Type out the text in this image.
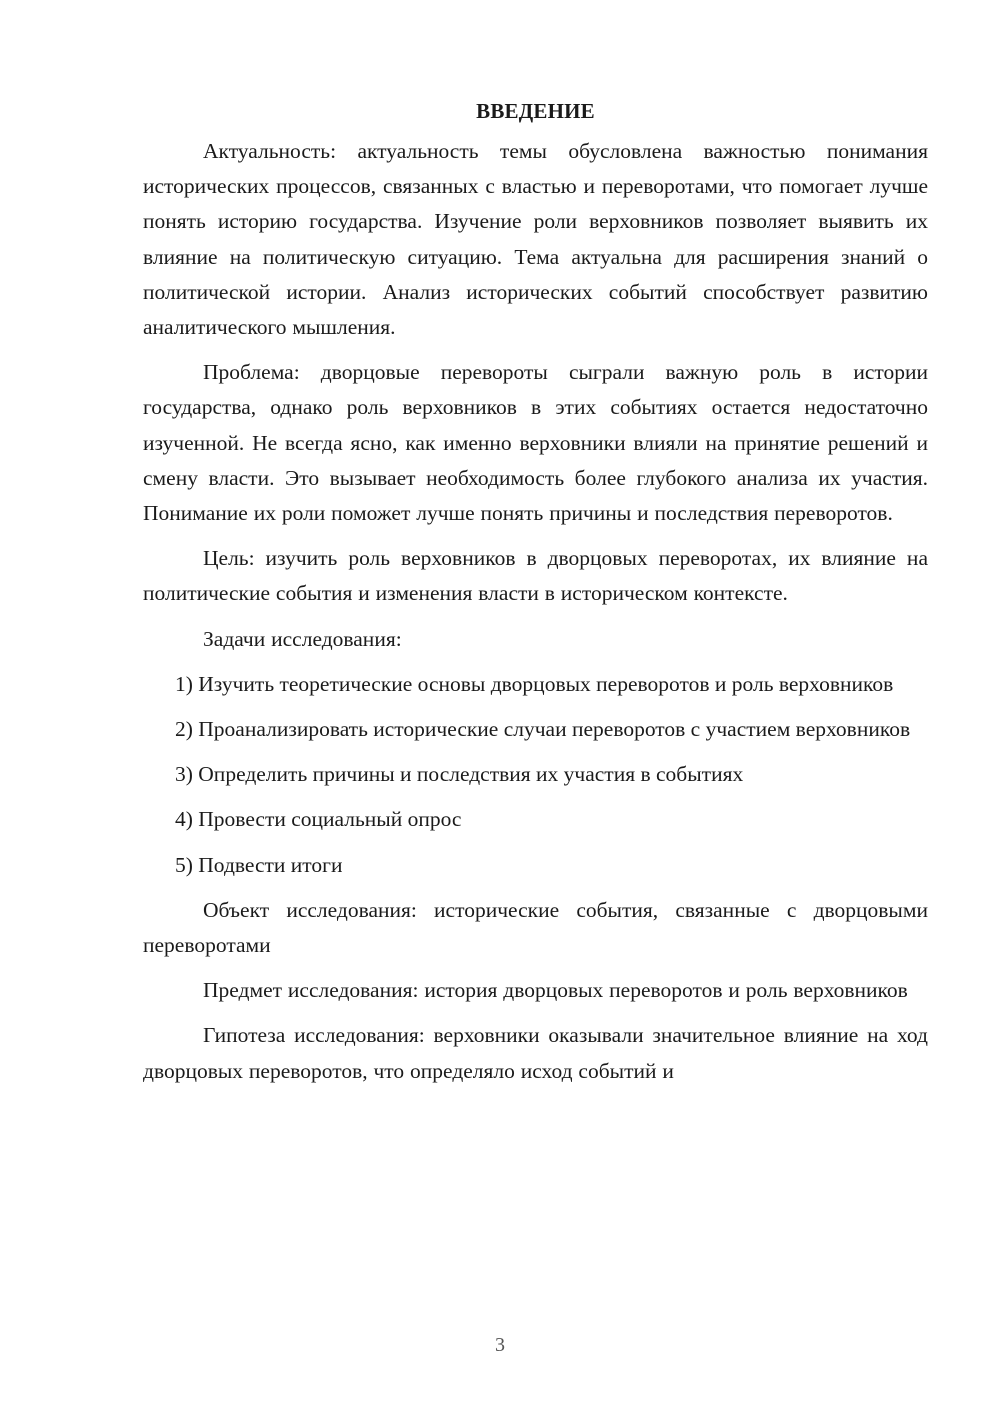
ВВЕДЕНИЕ

Актуальность: актуальность темы обусловлена важностью понимания исторических процессов, связанных с властью и переворотами, что помогает лучше понять историю государства. Изучение роли верховников позволяет выявить их влияние на политическую ситуацию. Тема актуальна для расширения знаний о политической истории. Анализ исторических событий способствует развитию аналитического мышления.

Проблема: дворцовые перевороты сыграли важную роль в истории государства, однако роль верховников в этих событиях остается недостаточно изученной. Не всегда ясно, как именно верховники влияли на принятие решений и смену власти. Это вызывает необходимость более глубокого анализа их участия. Понимание их роли поможет лучше понять причины и последствия переворотов.

Цель: изучить роль верховников в дворцовых переворотах, их влияние на политические события и изменения власти в историческом контексте.

Задачи исследования:

1) Изучить теоретические основы дворцовых переворотов и роль верховников

2) Проанализировать исторические случаи переворотов с участием верховников

3) Определить причины и последствия их участия в событиях

4) Провести социальный опрос

5) Подвести итоги

Объект исследования: исторические события, связанные с дворцовыми переворотами

Предмет исследования: история дворцовых переворотов и роль верховников

Гипотеза исследования: верховники оказывали значительное влияние на ход дворцовых переворотов, что определяло исход событий и

3
